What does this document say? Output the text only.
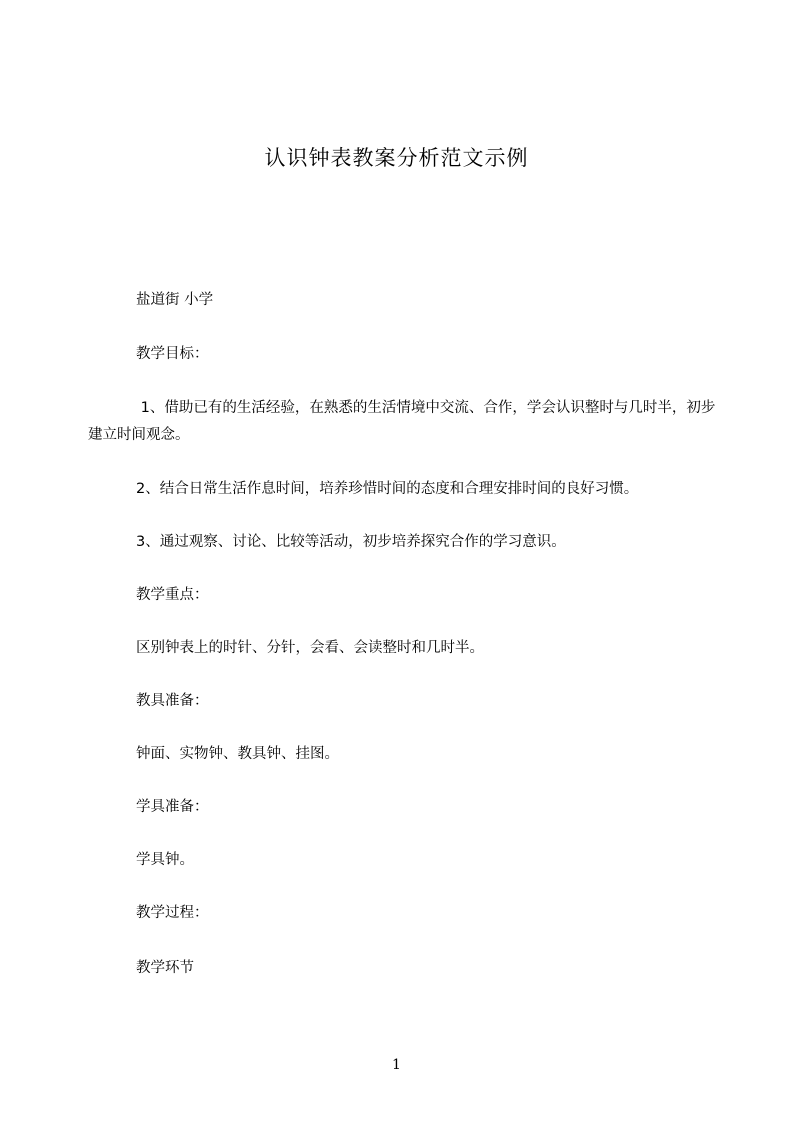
认识钟表教案分析范文示例
盐道街 小学
教学目标：
1、借助已有的生活经验，在熟悉的生活情境中交流、合作，学会认识整时与几时半，初步建立时间观念。
2、结合日常生活作息时间，培养珍惜时间的态度和合理安排时间的良好习惯。
3、通过观察、讨论、比较等活动，初步培养探究合作的学习意识。
教学重点：
区别钟表上的时针、分针，会看、会读整时和几时半。
教具准备：
钟面、实物钟、教具钟、挂图。
学具准备：
学具钟。
教学过程：
教学环节
1
